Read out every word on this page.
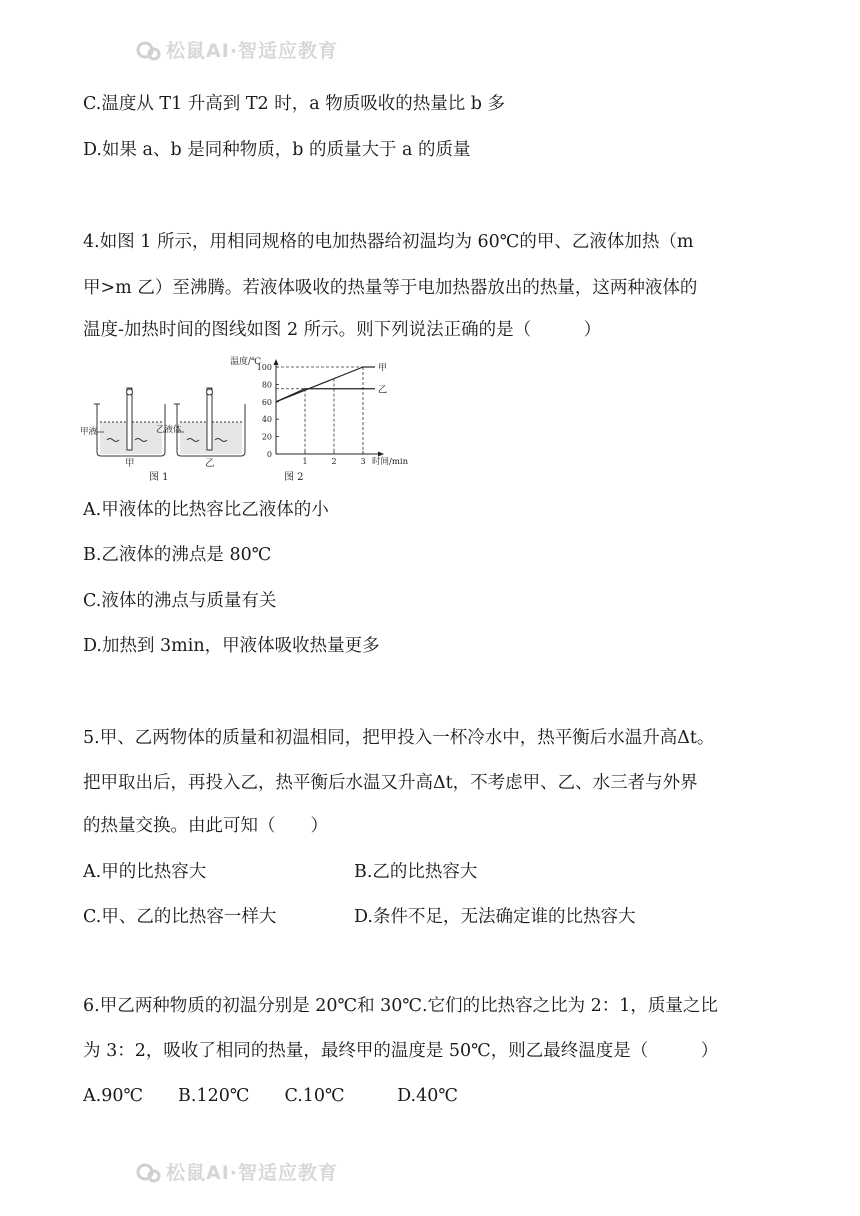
松鼠AI·智适应教育
C.温度从 T1 升高到 T2 时，a 物质吸收的热量比 b 多
D.如果 a、b 是同种物质，b 的质量大于 a 的质量
4.如图 1 所示，用相同规格的电加热器给初温均为 60℃的甲、乙液体加热（m
甲>m 乙）至沸腾。若液体吸收的热量等于电加热器放出的热量，这两种液体的
温度-加热时间的图线如图 2 所示。则下列说法正确的是（　　　）
甲液	乙液体
甲	乙
图 1
温度/℃
时间/min
图 2
0
20
40
60
80
100
1	2	3
甲
乙
A.甲液体的比热容比乙液体的小
B.乙液体的沸点是 80℃
C.液体的沸点与质量有关
D.加热到 3min，甲液体吸收热量更多
5.甲、乙两物体的质量和初温相同，把甲投入一杯冷水中，热平衡后水温升高Δt。
把甲取出后，再投入乙，热平衡后水温又升高Δt，不考虑甲、乙、水三者与外界
的热量交换。由此可知（　　）
A.甲的比热容大	B.乙的比热容大
C.甲、乙的比热容一样大	D.条件不足，无法确定谁的比热容大
6.甲乙两种物质的初温分别是 20℃和 30℃.它们的比热容之比为 2：1，质量之比
为 3：2，吸收了相同的热量，最终甲的温度是 50℃，则乙最终温度是（　　　）
A.90℃　　B.120℃　　C.10℃　　　D.40℃
松鼠AI·智适应教育
